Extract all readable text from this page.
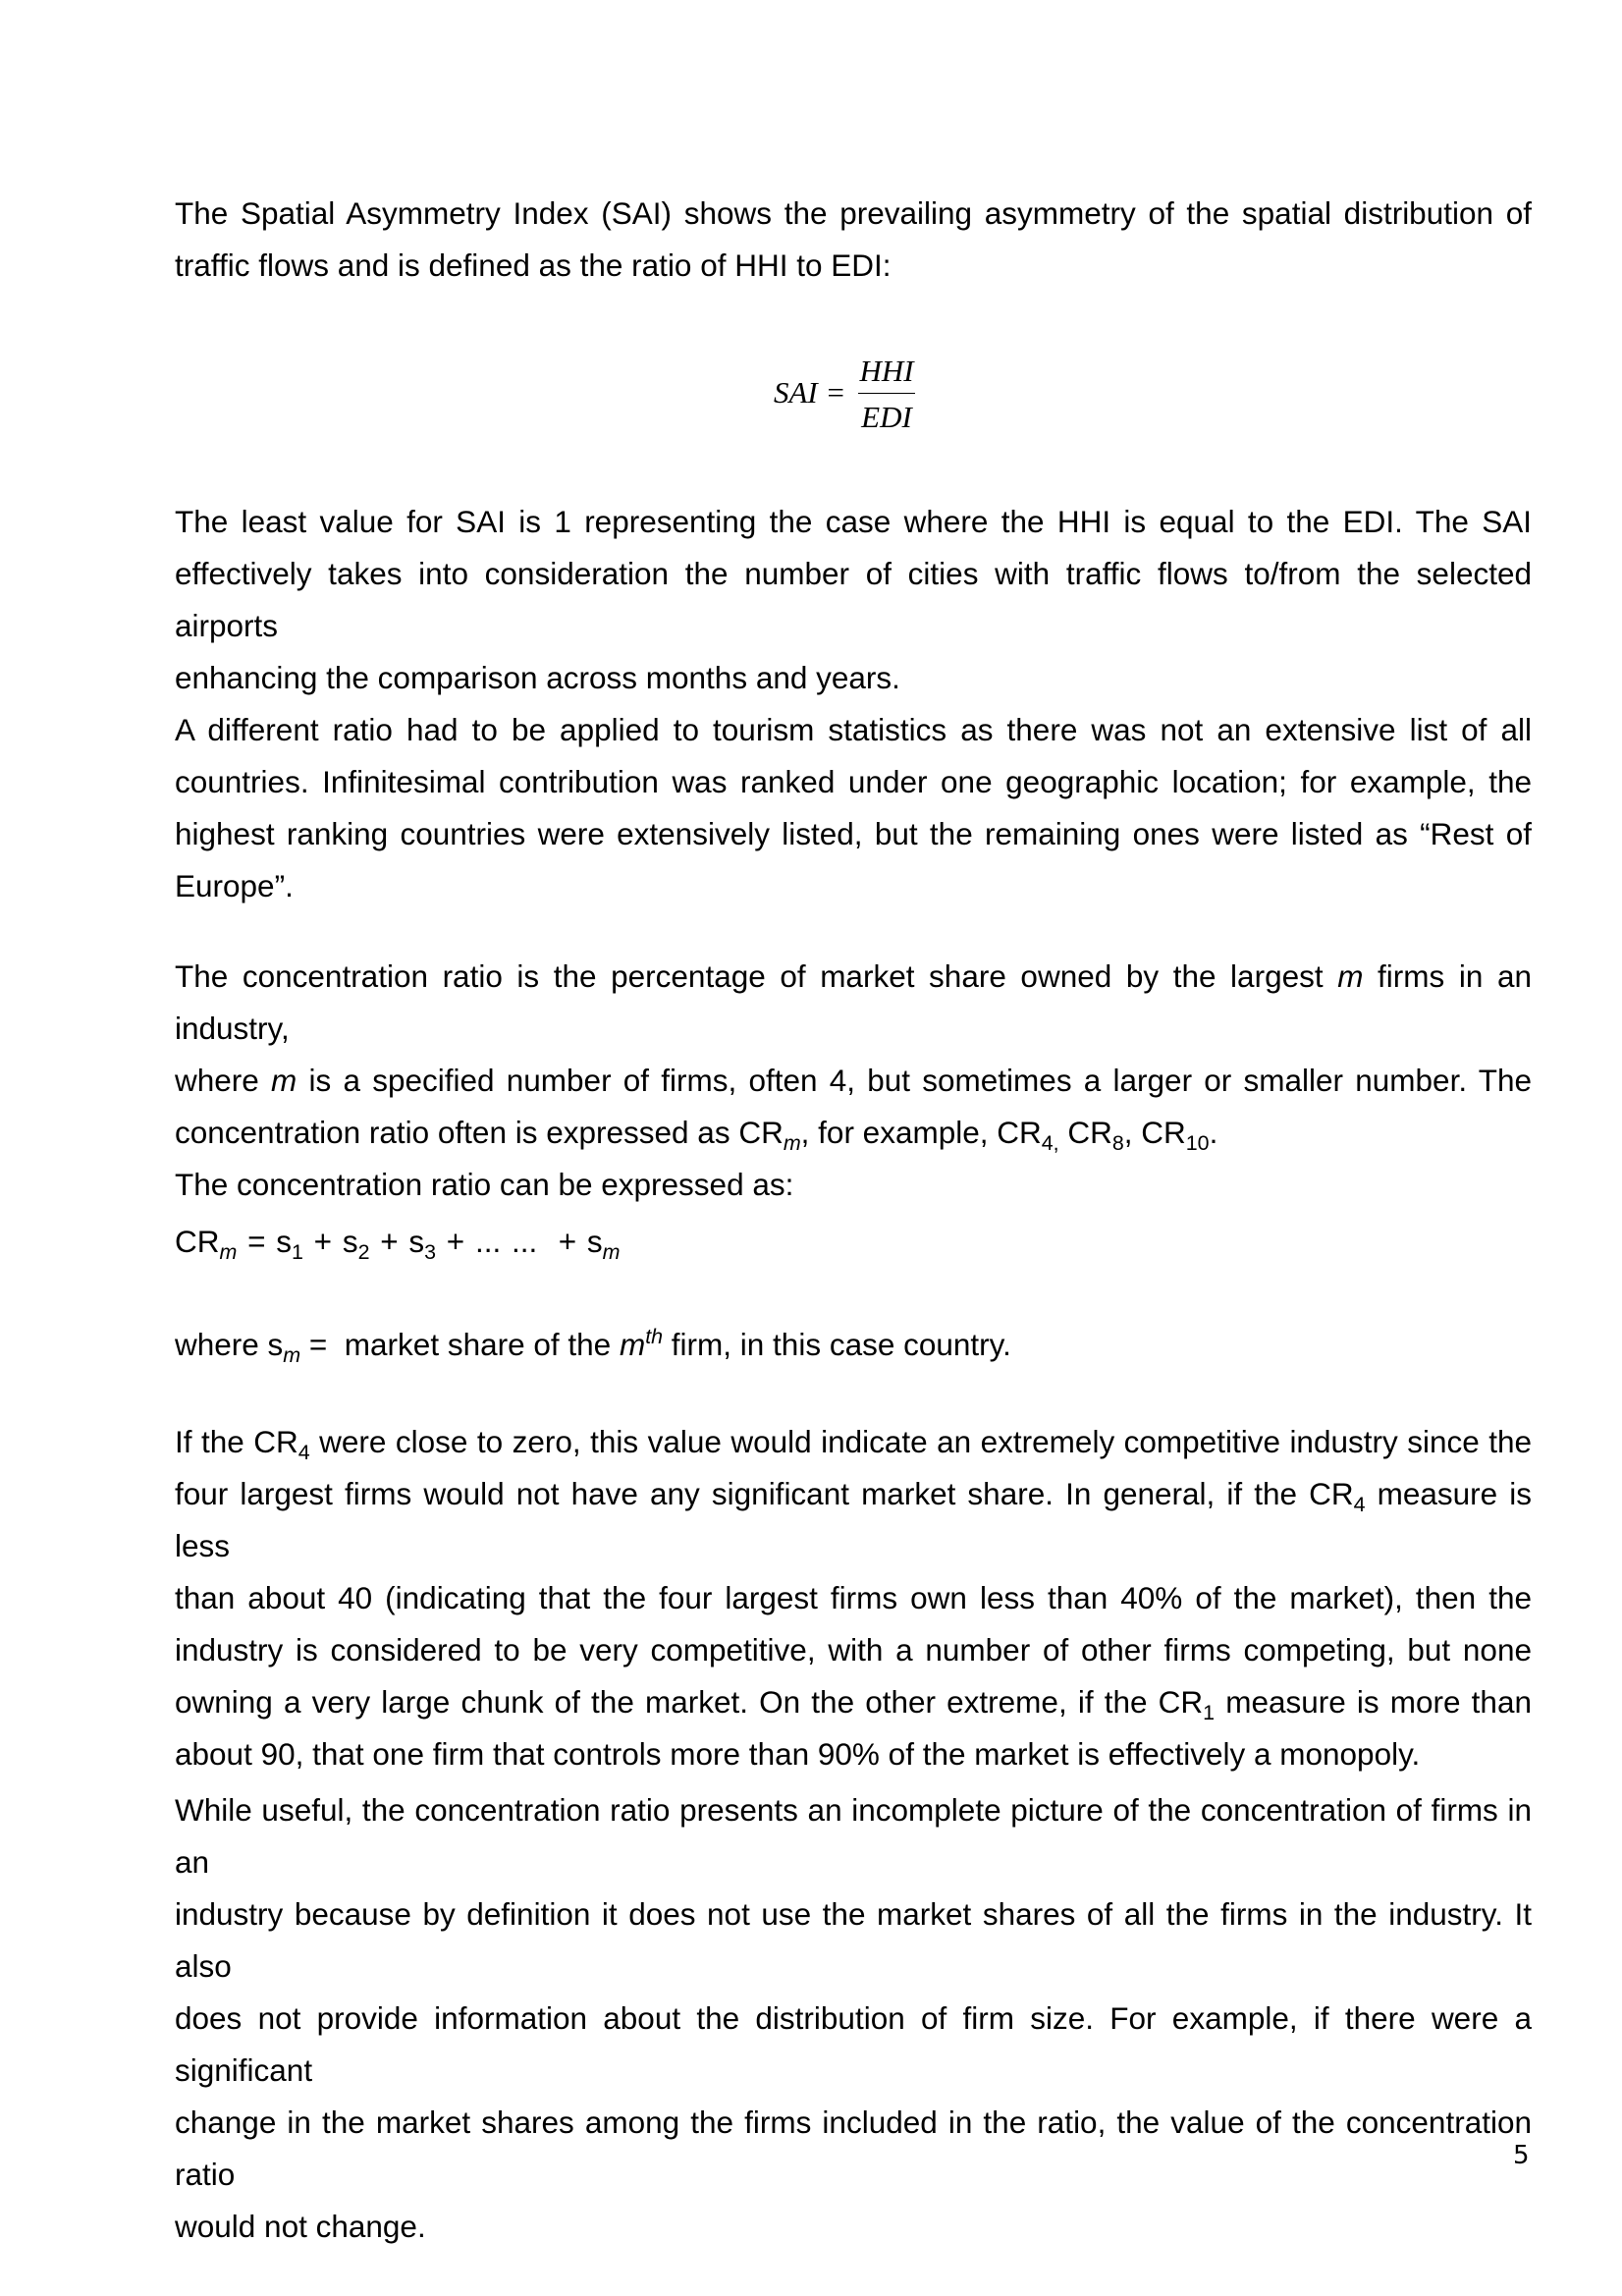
The Spatial Asymmetry Index (SAI) shows the prevailing asymmetry of the spatial distribution of
traffic flows and is defined as the ratio of HHI to EDI:
SAI =
HHI
EDI
The least value for SAI is 1 representing the case where the HHI is equal to the EDI. The SAI
effectively takes into consideration the number of cities with traffic flows to/from the selected airports
enhancing the comparison across months and years.
A different ratio had to be applied to tourism statistics as there was not an extensive list of all
countries. Infinitesimal contribution was ranked under one geographic location; for example, the
highest ranking countries were extensively listed, but the remaining ones were listed as “Rest of
Europe”.
The concentration ratio is the percentage of market share owned by the largest m firms in an industry,
where m is a specified number of firms, often 4, but sometimes a larger or smaller number. The
concentration ratio often is expressed as $CR_m$, for example, $CR_{4,}$ $CR_8$, $CR_{10}$.
The concentration ratio can be expressed as:
$CR_m = s_1 + s_2 + s_3$ + ... ...  + $s_m$
where $s_m$ =  market share of the $m^{th}$ firm, in this case country.
If the $CR_4$ were close to zero, this value would indicate an extremely competitive industry since the
four largest firms would not have any significant market share. In general, if the $CR_4$ measure is less
than about 40 (indicating that the four largest firms own less than 40% of the market), then the
industry is considered to be very competitive, with a number of other firms competing, but none
owning a very large chunk of the market. On the other extreme, if the $CR_1$ measure is more than
about 90, that one firm that controls more than 90% of the market is effectively a monopoly.
While useful, the concentration ratio presents an incomplete picture of the concentration of firms in an
industry because by definition it does not use the market shares of all the firms in the industry. It also
does not provide information about the distribution of firm size. For example, if there were a significant
change in the market shares among the firms included in the ratio, the value of the concentration ratio
would not change.
5
